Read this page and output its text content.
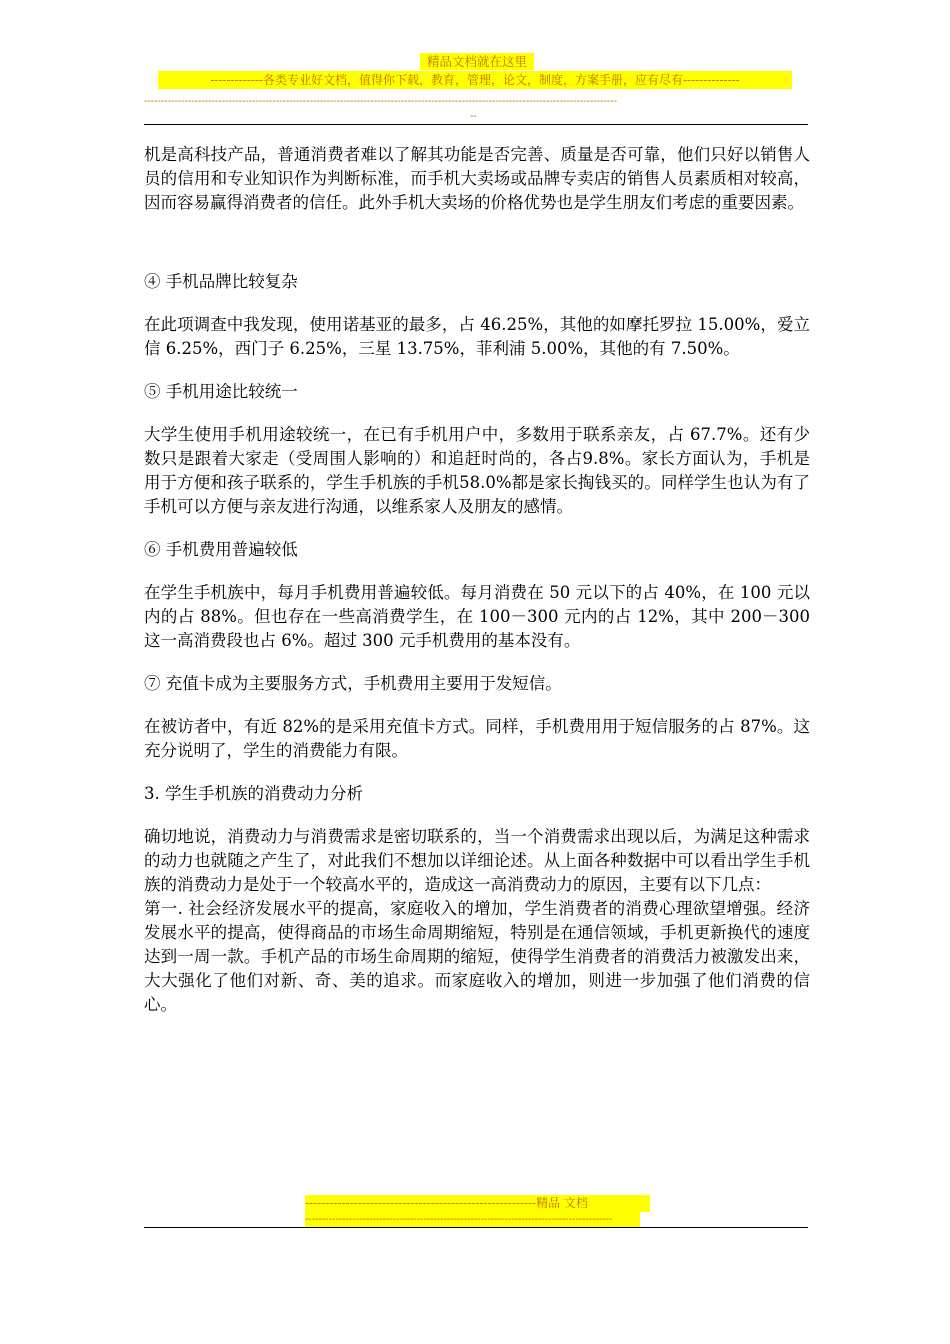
精品文档就在这里
-------------各类专业好文档，值得你下载，教育，管理，论文，制度，方案手册，应有尽有--------------
--------------------------------------------------------------------------------------------------------------------------------------------
--

机是高科技产品，普通消费者难以了解其功能是否完善、质量是否可靠，他们只好以销售人员的信用和专业知识作为判断标准，而手机大卖场或品牌专卖店的销售人员素质相对较高，因而容易赢得消费者的信任。此外手机大卖场的价格优势也是学生朋友们考虑的重要因素。

④ 手机品牌比较复杂

在此项调查中我发现，使用诺基亚的最多，占 46.25%，其他的如摩托罗拉 15.00%，爱立信 6.25%，西门子 6.25%，三星 13.75%，菲利浦 5.00%，其他的有 7.50%。

⑤ 手机用途比较统一

大学生使用手机用途较统一，在已有手机用户中，多数用于联系亲友，占 67.7%。还有少数只是跟着大家走（受周围人影响的）和追赶时尚的，各占9.8%。家长方面认为，手机是用于方便和孩子联系的，学生手机族的手机58.0%都是家长掏钱买的。同样学生也认为有了手机可以方便与亲友进行沟通，以维系家人及朋友的感情。

⑥ 手机费用普遍较低

在学生手机族中，每月手机费用普遍较低。每月消费在 50 元以下的占 40%，在 100 元以内的占 88%。但也存在一些高消费学生，在 100－300 元内的占 12%，其中 200－300 这一高消费段也占 6%。超过 300 元手机费用的基本没有。

⑦ 充值卡成为主要服务方式，手机费用主要用于发短信。

在被访者中，有近 82%的是采用充值卡方式。同样，手机费用用于短信服务的占 87%。这充分说明了，学生的消费能力有限。

3. 学生手机族的消费动力分析

确切地说，消费动力与消费需求是密切联系的，当一个消费需求出现以后，为满足这种需求的动力也就随之产生了，对此我们不想加以详细论述。从上面各种数据中可以看出学生手机族的消费动力是处于一个较高水平的，造成这一高消费动力的原因，主要有以下几点：

第一. 社会经济发展水平的提高，家庭收入的增加，学生消费者的消费心理欲望增强。经济发展水平的提高，使得商品的市场生命周期缩短，特别是在通信领域，手机更新换代的速度达到一周一款。手机产品的市场生命周期的缩短，使得学生消费者的消费活力被激发出来，大大强化了他们对新、奇、美的追求。而家庭收入的增加，则进一步加强了他们消费的信心。

---------------------------------------------------------精品 文档
-------------------------------------------------------------------------------------------
